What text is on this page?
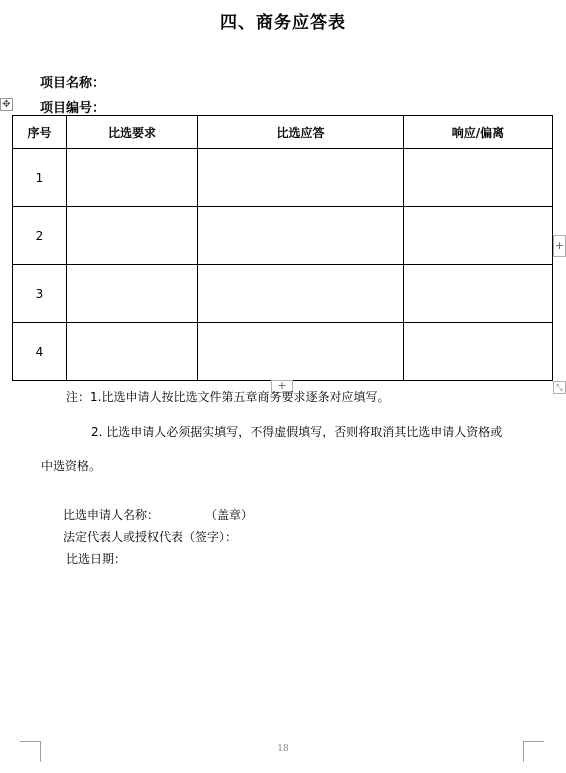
四、商务应答表
项目名称：
项目编号：
✥
序号	比选要求	比选应答	响应/偏离
1			
2			
3			
4			
+
+	⤡
注：1.比选申请人按比选文件第五章商务要求逐条对应填写。
2. 比选申请人必须据实填写，不得虚假填写，否则将取消其比选申请人资格或
中选资格。
比选申请人名称：	（盖章）
法定代表人或授权代表（签字）：
比选日期：
18
